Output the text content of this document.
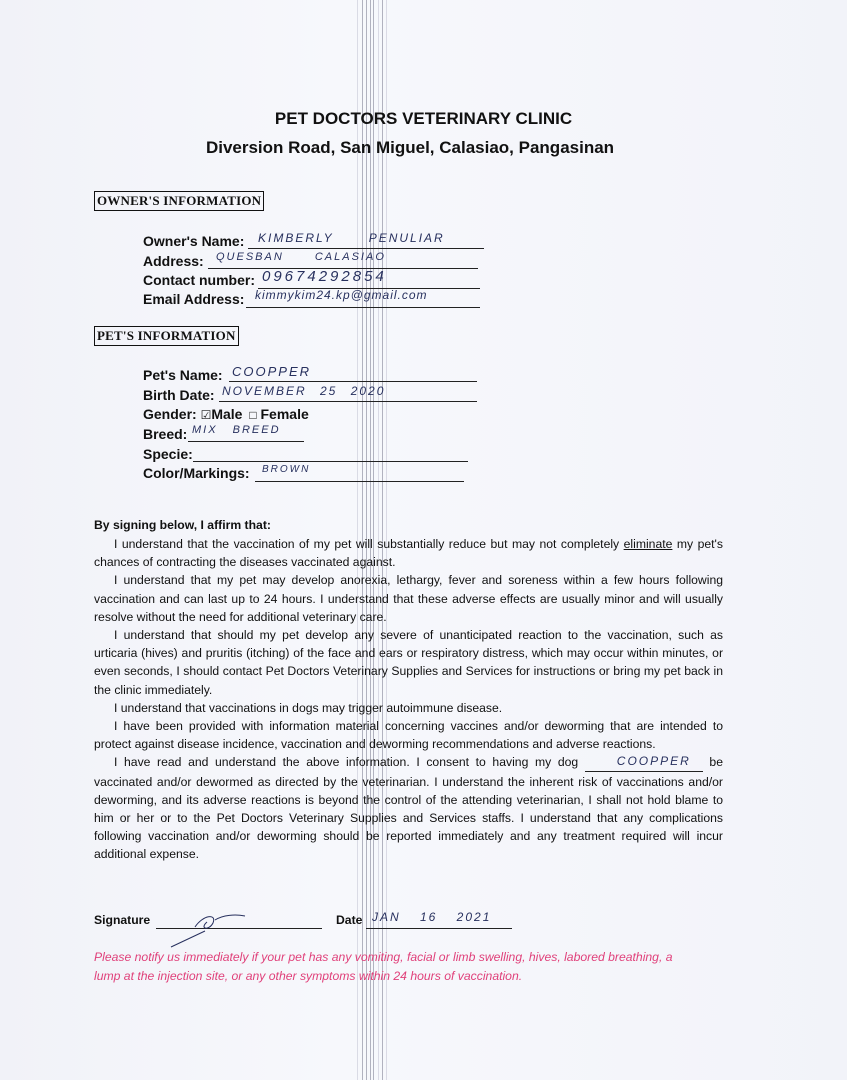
PET DOCTORS VETERINARY CLINIC
Diversion Road, San Miguel, Calasiao, Pangasinan
OWNER'S INFORMATION
Owner's Name: KIMBERLY PENULIAR
Address: QUESBAN CALASIAO
Contact number: 09674292854
Email Address: kimmykim24.kp@gmail.com
PET'S INFORMATION
Pet's Name: COOPPER
Birth Date: NOVEMBER 25 2020
Gender: ☑Male □ Female
Breed: MIX BREED
Specie:
Color/Markings: BROWN
By signing below, I affirm that:
I understand that the vaccination of my pet will substantially reduce but may not completely eliminate my pet's chances of contracting the diseases vaccinated against.
I understand that my pet may develop anorexia, lethargy, fever and soreness within a few hours following vaccination and can last up to 24 hours. I understand that these adverse effects are usually minor and will usually resolve without the need for additional veterinary care.
I understand that should my pet develop any severe of unanticipated reaction to the vaccination, such as urticaria (hives) and pruritis (itching) of the face and ears or respiratory distress, which may occur within minutes, or even seconds, I should contact Pet Doctors Veterinary Supplies and Services for instructions or bring my pet back in the clinic immediately.
I understand that vaccinations in dogs may trigger autoimmune disease.
I have been provided with information material concerning vaccines and/or deworming that are intended to protect against disease incidence, vaccination and deworming recommendations and adverse reactions.
I have read and understand the above information. I consent to having my dog	COOPPER be vaccinated and/or dewormed as directed by the veterinarian. I understand the inherent risk of vaccinations and/or deworming, and its adverse reactions is beyond the control of the attending veterinarian, I shall not hold blame to him or her or to the Pet Doctors Veterinary Supplies and Services staffs. I understand that any complications following vaccination and/or deworming should be reported immediately and any treatment required will incur additional expense.
Signature	Date JAN 16 2021
Please notify us immediately if your pet has any vomiting, facial or limb swelling, hives, labored breathing, a lump at the injection site, or any other symptoms within 24 hours of vaccination.
